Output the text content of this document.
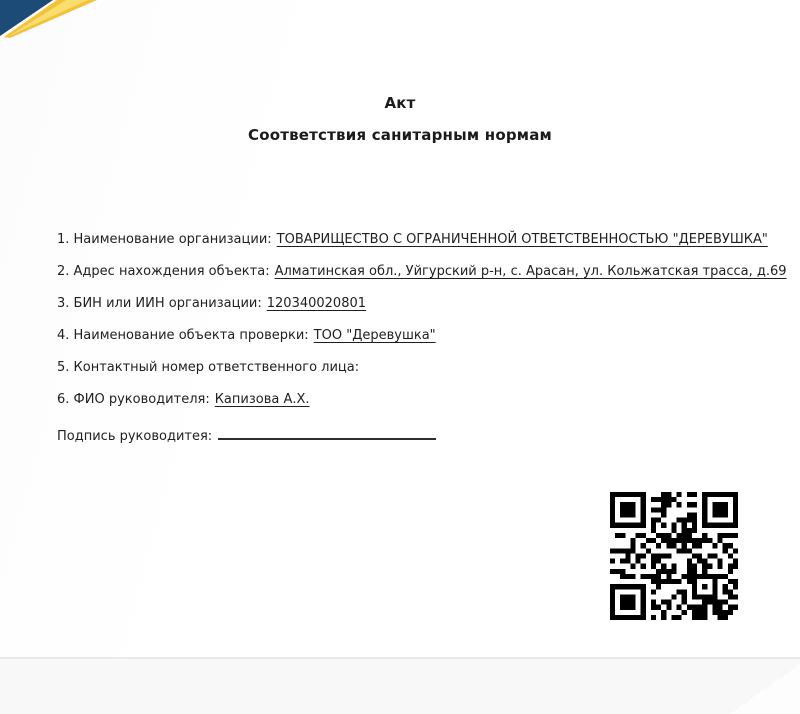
Акт
Соответствия санитарным нормам
1. Наименование организации: ТОВАРИЩЕСТВО С ОГРАНИЧЕННОЙ ОТВЕТСТВЕННОСТЬЮ "ДЕРЕВУШКА"
2. Адрес нахождения объекта: Алматинская обл., Уйгурский р-н, с. Арасан, ул. Кольжатская трасса, д.69
3. БИН или ИИН организации: 120340020801
4. Наименование объекта проверки: ТОО "Деревушка"
5. Контактный номер ответственного лица:
6. ФИО руководителя: Капизова А.Х.
Подпись руководитея:
